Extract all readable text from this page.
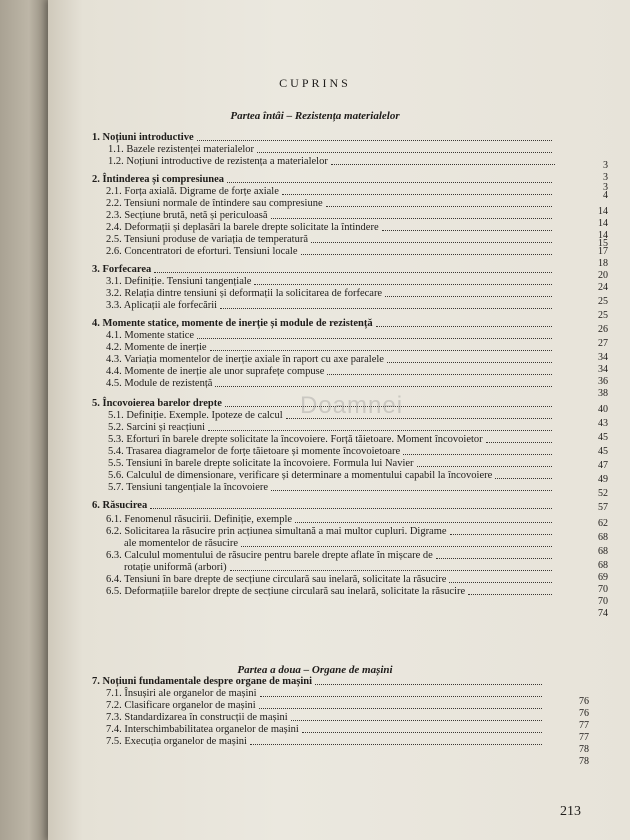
CUPRINS
Partea întâi – Rezistența materialelor
Partea a doua – Organe de mașini
1. Noțiuni introductive
1.1. Bazele rezistenței materialelor
1.2. Noțiuni introductive de rezistența a materialelor
2. Întinderea și compresiunea
2.1. Forța axială. Digrame de forțe axiale
2.2. Tensiuni normale de întindere sau compresiune
2.3. Secțiune brută, netă și periculoasă
2.4. Deformații și deplasări la barele drepte solicitate la întindere
2.5. Tensiuni produse de variația de temperatură
2.6. Concentratori de eforturi. Tensiuni locale
3. Forfecarea
3.1. Definiție. Tensiuni tangențiale
3.2. Relația dintre tensiuni și deformații la solicitarea de forfecare
3.3. Aplicații ale forfecării
4. Momente statice, momente de inerție și module de rezistență
4.1. Momente statice
4.2. Momente de inerție
4.3. Variația momentelor de inerție axiale în raport cu axe paralele
4.4. Momente de inerție ale unor suprafețe compuse
4.5. Module de rezistență
5. Încovoierea barelor drepte
5.1. Definiție. Exemple. Ipoteze de calcul
5.2. Sarcini și reacțiuni
5.3. Eforturi în barele drepte solicitate la încovoiere. Forță tăietoare. Moment încovoietor
5.4. Trasarea diagramelor de forțe tăietoare și momente încovoietoare
5.5. Tensiuni în barele drepte solicitate la încovoiere. Formula lui Navier
5.6. Calculul de dimensionare, verificare și determinare a momentului capabil la încovoiere
5.7. Tensiuni tangențiale la încovoiere
6. Răsucirea
6.1. Fenomenul răsucirii. Definiție, exemple
6.2. Solicitarea la răsucire prin acțiunea simultană a mai multor cupluri. Digrame
ale momentelor de răsucire
6.3. Calculul momentului de răsucire pentru barele drepte aflate în mișcare de
rotație uniformă (arbori)
6.4. Tensiuni în bare drepte de secțiune circulară sau inelară, solicitate la răsucire
6.5. Deformațiile barelor drepte de secțiune circulară sau inelară, solicitate la răsucire
7. Noțiuni fundamentale despre organe de mașini
7.1. Însușiri ale organelor de mașini
7.2. Clasificare organelor de mașini
7.3. Standardizarea în construcții de mașini
7.4. Interschimbabilitatea organelor de mașini
7.5. Execuția organelor de mașini
3
3
3
4
14
14
14
15
17
18
20
24
25
25
26
27
34
34
36
38
40
43
45
45
47
49
52
57
62
68
68
68
69
70
70
74
76
76
77
77
78
78
Doamnei
213
